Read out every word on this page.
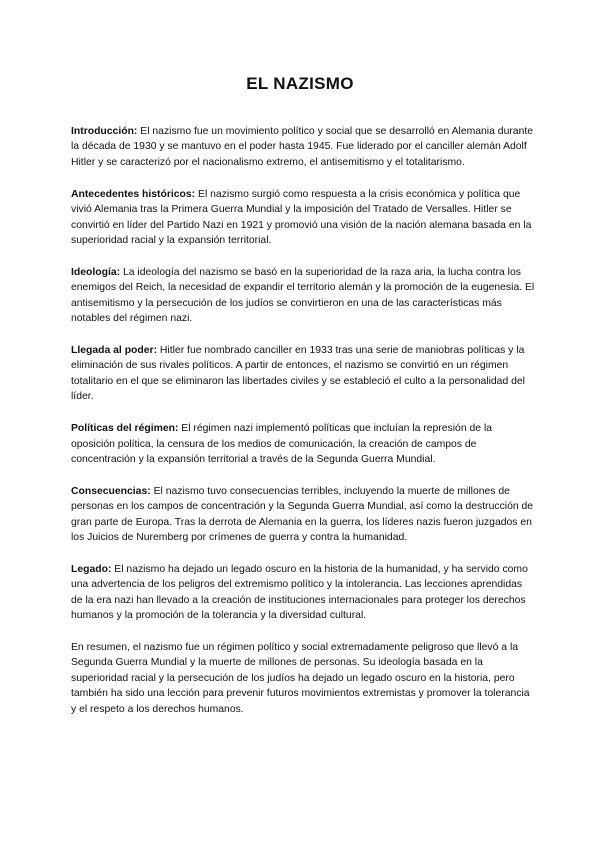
EL NAZISMO

Introducción: El nazismo fue un movimiento político y social que se desarrolló en Alemania durante la década de 1930 y se mantuvo en el poder hasta 1945. Fue liderado por el canciller alemán Adolf Hitler y se caracterizó por el nacionalismo extremo, el antisemitismo y el totalitarismo.

Antecedentes históricos: El nazismo surgió como respuesta a la crisis económica y política que vivió Alemania tras la Primera Guerra Mundial y la imposición del Tratado de Versalles. Hitler se convirtió en líder del Partido Nazi en 1921 y promovió una visión de la nación alemana basada en la superioridad racial y la expansión territorial.

Ideología: La ideología del nazismo se basó en la superioridad de la raza aria, la lucha contra los enemigos del Reich, la necesidad de expandir el territorio alemán y la promoción de la eugenesia. El antisemitismo y la persecución de los judíos se convirtieron en una de las características más notables del régimen nazi.

Llegada al poder: Hitler fue nombrado canciller en 1933 tras una serie de maniobras políticas y la eliminación de sus rivales políticos. A partir de entonces, el nazismo se convirtió en un régimen totalitario en el que se eliminaron las libertades civiles y se estableció el culto a la personalidad del líder.

Políticas del régimen: El régimen nazi implementó políticas que incluían la represión de la oposición política, la censura de los medios de comunicación, la creación de campos de concentración y la expansión territorial a través de la Segunda Guerra Mundial.

Consecuencias: El nazismo tuvo consecuencias terribles, incluyendo la muerte de millones de personas en los campos de concentración y la Segunda Guerra Mundial, así como la destrucción de gran parte de Europa. Tras la derrota de Alemania en la guerra, los líderes nazis fueron juzgados en los Juicios de Nuremberg por crímenes de guerra y contra la humanidad.

Legado: El nazismo ha dejado un legado oscuro en la historia de la humanidad, y ha servido como una advertencia de los peligros del extremismo político y la intolerancia. Las lecciones aprendidas de la era nazi han llevado a la creación de instituciones internacionales para proteger los derechos humanos y la promoción de la tolerancia y la diversidad cultural.

En resumen, el nazismo fue un régimen político y social extremadamente peligroso que llevó a la Segunda Guerra Mundial y la muerte de millones de personas. Su ideología basada en la superioridad racial y la persecución de los judíos ha dejado un legado oscuro en la historia, pero también ha sido una lección para prevenir futuros movimientos extremistas y promover la tolerancia y el respeto a los derechos humanos.
